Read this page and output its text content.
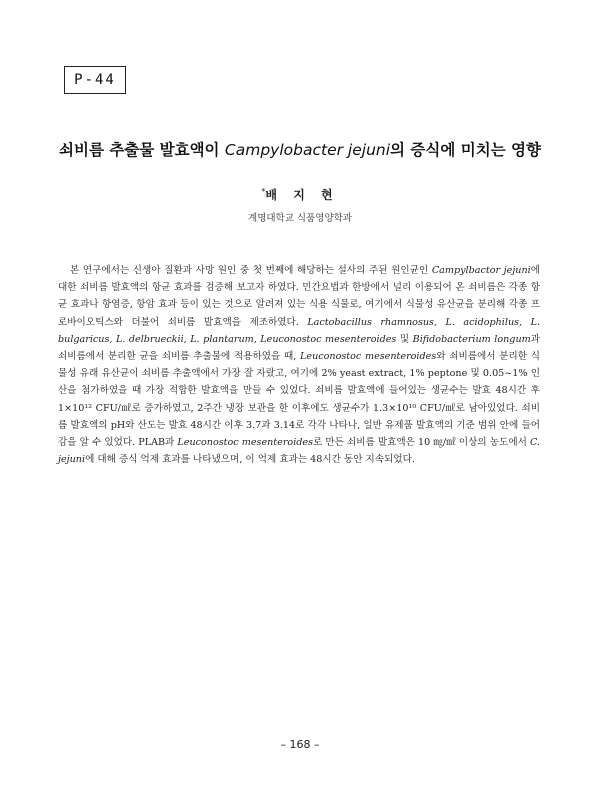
P-44
쇠비름 추출물 발효액이 Campylobacter jejuni의 증식에 미치는 영향
*배 지 현
계명대학교 식품영양학과

본 연구에서는 신생아 질환과 사망 원인 중 첫 번째에 해당하는 설사의 주된 원인균인 Campylbactor jejuni에 대한 쇠비름 발효액의 항균 효과를 검증해 보고자 하였다. 민간요법과 한방에서 널리 이용되어 온 쇠비름은 각종 항균 효과나 항염증, 항암 효과 등이 있는 것으로 알려져 있는 식용 식물로, 여기에서 식물성 유산균을 분리해 각종 프로바이오틱스와 더불어 쇠비름 발효액을 제조하였다. Lactobacillus rhamnosus, L. acidophilus, L. bulgaricus, L. delbrueckii, L. plantarum, Leuconostoc mesenteroides 및 Bifidobacterium longum과 쇠비름에서 분리한 균을 쇠비름 추출물에 적용하였을 때, Leuconostoc mesenteroides와 쇠비름에서 분리한 식물성 유래 유산균이 쇠비름 추출액에서 가장 잘 자랐고, 여기에 2% yeast extract, 1% peptone 및 0.05~1% 인산을 첨가하였을 때 가장 적합한 발효액을 만들 수 있었다. 쇠비름 발효액에 들어있는 생균수는 발효 48시간 후 1×10¹² CFU/㎖로 증가하였고, 2주간 냉장 보관을 한 이후에도 생균수가 1.3×10¹⁰ CFU/㎖로 남아있었다. 쇠비름 발효액의 pH와 산도는 발효 48시간 이후 3.7과 3.14로 각각 나타나, 일반 유제품 발효액의 기준 범위 안에 들어감을 알 수 있었다. PLAB과 Leuconostoc mesenteroides로 만든 쇠비름 발효액은 10 ㎎/㎖ 이상의 농도에서 C. jejuni에 대해 증식 억제 효과를 나타냈으며, 이 억제 효과는 48시간 동안 지속되었다.

– 168 –
